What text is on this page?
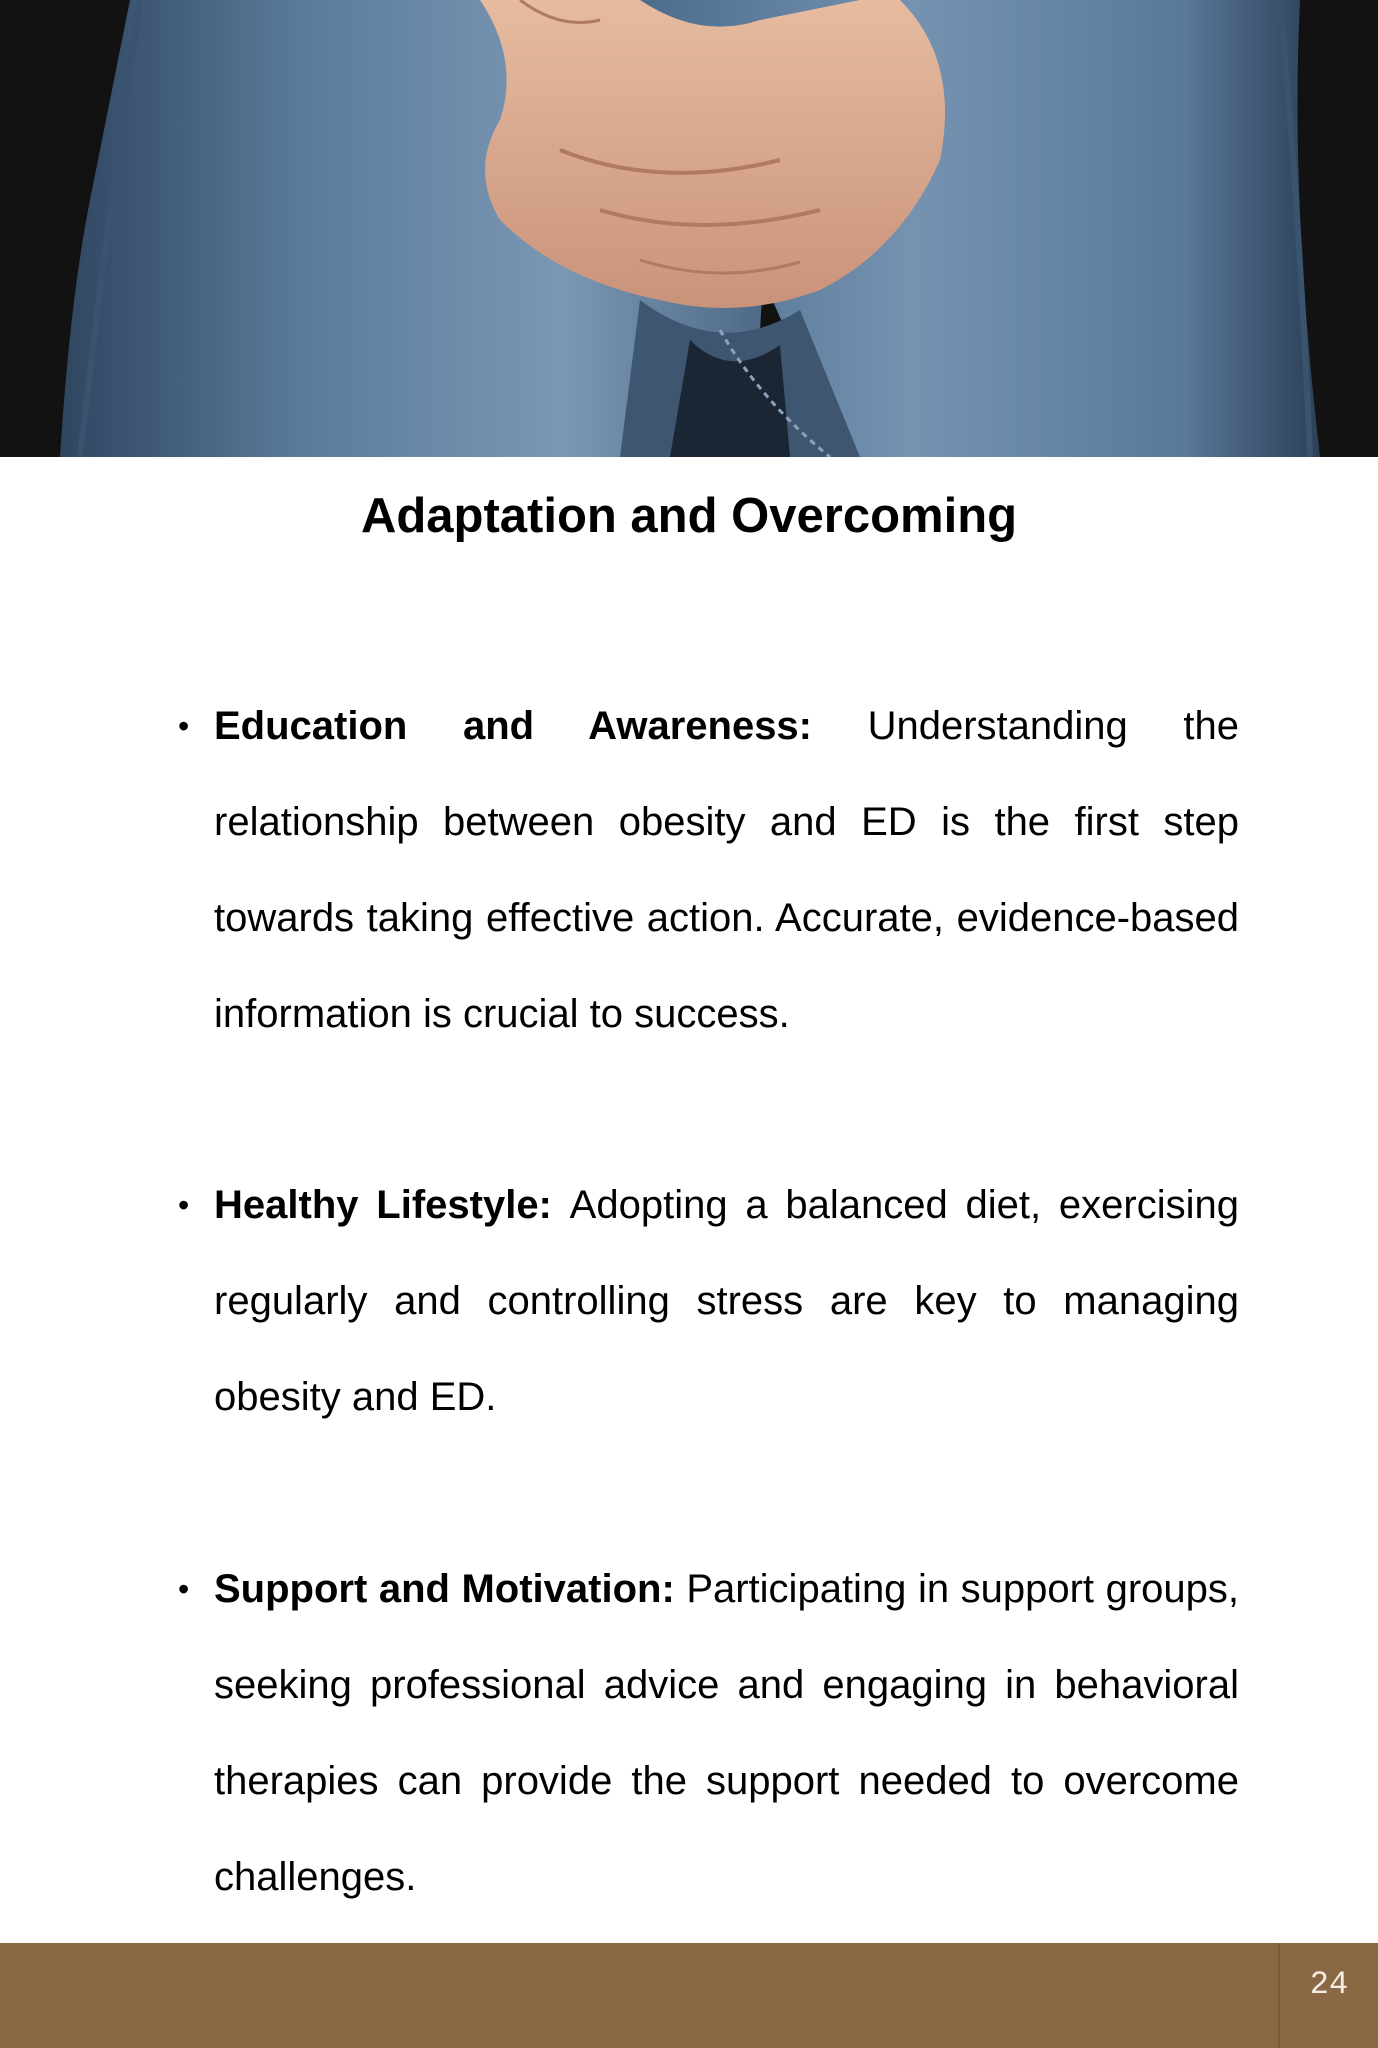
Adaptation and Overcoming
• Education and Awareness: Understanding the relationship between obesity and ED is the first step towards taking effective action. Accurate, evidence-based information is crucial to success.
• Healthy Lifestyle: Adopting a balanced diet, exercising regularly and controlling stress are key to managing obesity and ED.
• Support and Motivation: Participating in support groups, seeking professional advice and engaging in behavioral therapies can provide the support needed to overcome challenges.
24
